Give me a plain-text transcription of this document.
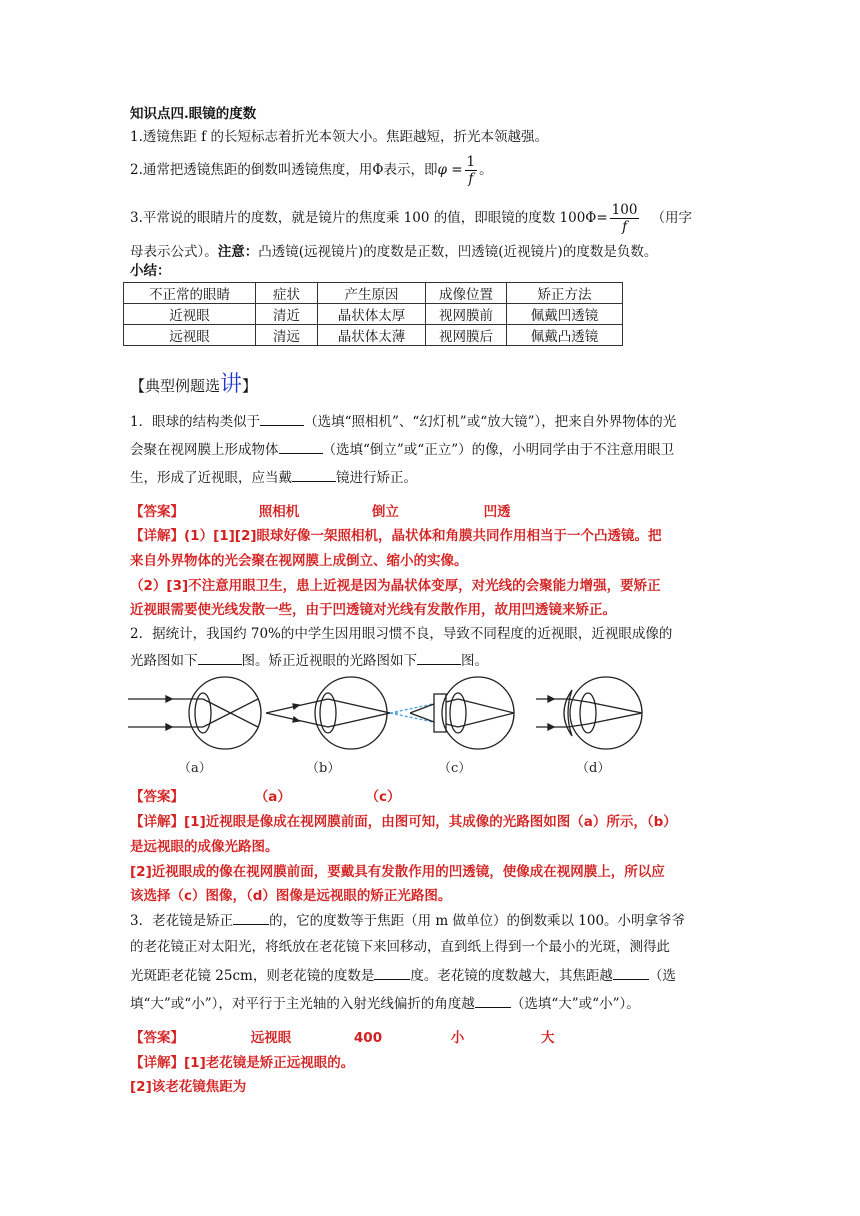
知识点四.眼镜的度数
1.透镜焦距 f 的长短标志着折光本领大小。焦距越短，折光本领越强。
2.通常把透镜焦距的倒数叫透镜焦度，用Φ表示，即$\varphi = \frac{1}{f}$ 。
3.平常说的眼睛片的度数，就是镜片的焦度乘 100 的值，即眼镜的度数 $100\Phi= \frac{100}{f}$ （用字
母表示公式）。注意：凸透镜(远视镜片)的度数是正数，凹透镜(近视镜片)的度数是负数。
小结：
不正常的眼睛	症状	产生原因	成像位置	矫正方法
近视眼	清近	晶状体太厚	视网膜前	佩戴凹透镜
远视眼	清远	晶状体太薄	视网膜后	佩戴凸透镜
【典型例题选讲】
1．眼球的结构类似于	（选填“照相机”、“幻灯机”或“放大镜”），把来自外界物体的光
会聚在视网膜上形成物体	（选填“倒立”或“正立”）的像，小明同学由于不注意用眼卫
生，形成了近视眼，应当戴	镜进行矫正。
【答案】	照相机	倒立	凹透
【详解】(1）[1][2]眼球好像一架照相机，晶状体和角膜共同作用相当于一个凸透镜。把
来自外界物体的光会聚在视网膜上成倒立、缩小的实像。
（2）[3]不注意用眼卫生，患上近视是因为晶状体变厚，对光线的会聚能力增强，要矫正
近视眼需要使光线发散一些，由于凹透镜对光线有发散作用，故用凹透镜来矫正。
2．据统计，我国约 70%的中学生因用眼习惯不良，导致不同程度的近视眼，近视眼成像的
光路图如下	图。矫正近视眼的光路图如下	图。
（a）	（b）	（c）	（d）
【答案】	（a）	（c）
【详解】[1]近视眼是像成在视网膜前面，由图可知，其成像的光路图如图（a）所示，（b）
是远视眼的成像光路图。
[2]近视眼成的像在视网膜前面，要戴具有发散作用的凹透镜，使像成在视网膜上，所以应
该选择（c）图像，（d）图像是远视眼的矫正光路图。
3．老花镜是矫正	的，它的度数等于焦距（用 m 做单位）的倒数乘以 100。小明拿爷爷
的老花镜正对太阳光，将纸放在老花镜下来回移动，直到纸上得到一个最小的光斑，测得此
光斑距老花镜 25cm，则老花镜的度数是	度。老花镜的度数越大，其焦距越	（选
填“大”或“小”），对平行于主光轴的入射光线偏折的角度越	（选填“大”或“小”）。
【答案】	远视眼	400	小	大
【详解】[1]老花镜是矫正远视眼的。
[2]该老花镜焦距为
